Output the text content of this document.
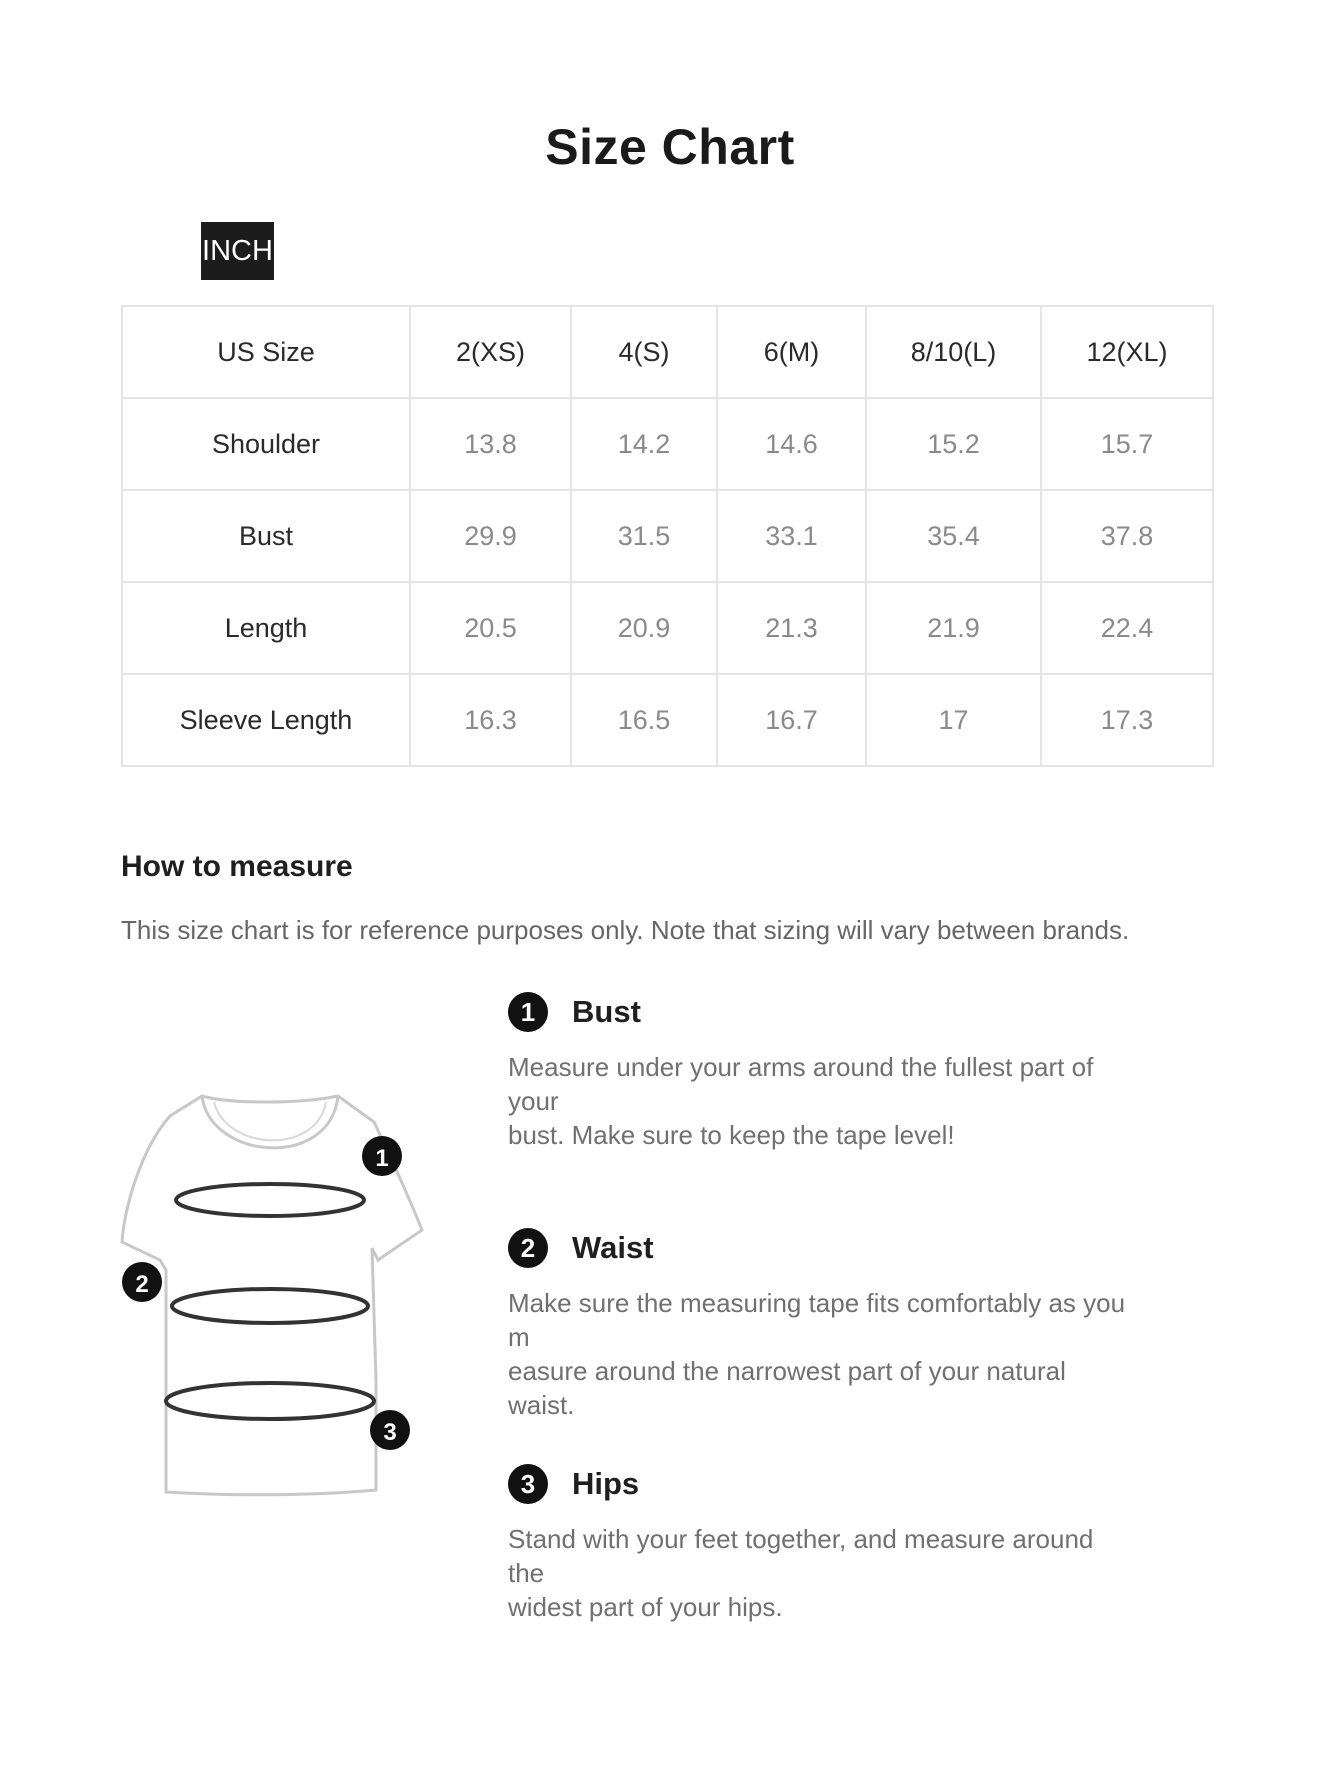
Size Chart
INCH
US Size	2(XS)	4(S)	6(M)	8/10(L)	12(XL)
Shoulder	13.8	14.2	14.6	15.2	15.7
Bust	29.9	31.5	33.1	35.4	37.8
Length	20.5	20.9	21.3	21.9	22.4
Sleeve Length	16.3	16.5	16.7	17	17.3
How to measure
This size chart is for reference purposes only. Note that sizing will vary between brands.
1
2
3
1	Bust
Measure under your arms around the fullest part of your
bust. Make sure to keep the tape level!
2	Waist
Make sure the measuring tape fits comfortably as you m
easure around the narrowest part of your natural waist.
3	Hips
Stand with your feet together, and measure around the
widest part of your hips.
